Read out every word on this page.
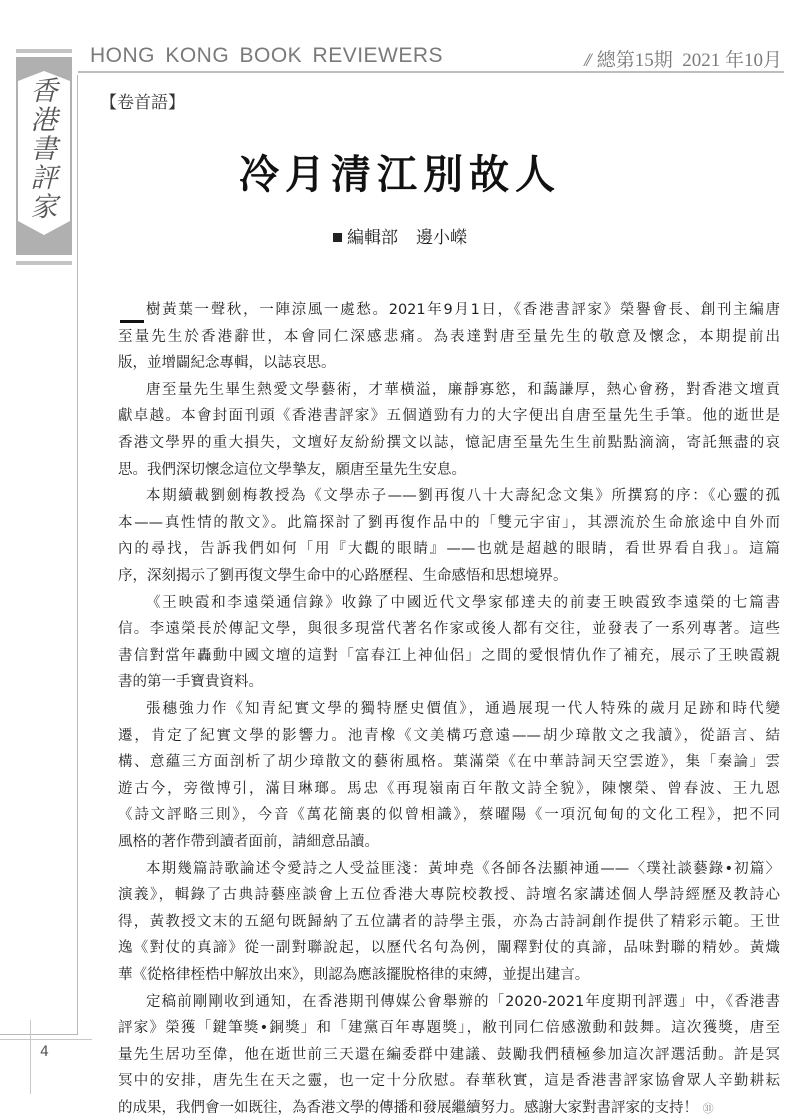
HONG KONG BOOK REVIEWERS	// 總第15期 2021 年10月
香
港
書
評
家
【卷首語】
冷月清江別故人
編輯部 邊小嶸
樹黃葉一聲秋，一陣涼風一處愁。2021年9月1日，《香港書評家》榮譽會長、創刊主編唐
至量先生於香港辭世，本會同仁深感悲痛。為表達對唐至量先生的敬意及懷念，本期提前出
版，並增闢紀念專輯，以誌哀思。
唐至量先生畢生熱愛文學藝術，才華橫溢，廉靜寡慾，和藹謙厚，熱心會務，對香港文壇貢
獻卓越。本會封面刊頭《香港書評家》五個遒勁有力的大字便出自唐至量先生手筆。他的逝世是
香港文學界的重大損失，文壇好友紛紛撰文以誌，憶記唐至量先生生前點點滴滴，寄託無盡的哀
思。我們深切懷念這位文學摯友，願唐至量先生安息。
本期續載劉劍梅教授為《文學赤子——劉再復八十大壽紀念文集》所撰寫的序：《心靈的孤
本——真性情的散文》。此篇探討了劉再復作品中的「雙元宇宙」，其漂流於生命旅途中自外而
內的尋找，告訴我們如何「用『大觀的眼睛』——也就是超越的眼睛，看世界看自我」。這篇
序，深刻揭示了劉再復文學生命中的心路歷程、生命感悟和思想境界。
《王映霞和李遠榮通信錄》收錄了中國近代文學家郁達夫的前妻王映霞致李遠榮的七篇書
信。李遠榮長於傳記文學，與很多現當代著名作家或後人都有交往，並發表了一系列專著。這些
書信對當年轟動中國文壇的這對「富春江上神仙侶」之間的愛恨情仇作了補充，展示了王映霞親
書的第一手寶貴資料。
張穗強力作《知青紀實文學的獨特歷史價值》，通過展現一代人特殊的歲月足跡和時代變
遷，肯定了紀實文學的影響力。池青橡《文美構巧意遠——胡少璋散文之我讀》，從語言、結
構、意蘊三方面剖析了胡少璋散文的藝術風格。葉滿榮《在中華詩詞天空雲遊》，集「秦論」雲
遊古今，旁徵博引，滿目琳瑯。馬忠《再現嶺南百年散文詩全貌》，陳懷榮、曾春波、王九恩
《詩文評略三則》，今音《萬花簡裏的似曾相識》，蔡曜陽《一項沉甸甸的文化工程》，把不同
風格的著作帶到讀者面前，請細意品讀。
本期幾篇詩歌論述令愛詩之人受益匪淺：黃坤堯《各師各法顯神通——〈璞社談藝錄•初篇〉
演義》，輯錄了古典詩藝座談會上五位香港大專院校教授、詩壇名家講述個人學詩經歷及教詩心
得，黃教授文末的五絕句既歸納了五位講者的詩學主張，亦為古詩詞創作提供了精彩示範。王世
逸《對仗的真諦》從一副對聯說起，以歷代名句為例，闡釋對仗的真諦，品味對聯的精妙。黃熾
華《從格律桎梏中解放出來》，則認為應該擺脫格律的束縛，並提出建言。
定稿前剛剛收到通知，在香港期刊傳媒公會舉辦的「2020-2021年度期刊評選」中，《香港書
評家》榮獲「鍵筆獎•銅獎」和「建黨百年專題獎」，敝刊同仁倍感激動和鼓舞。這次獲獎，唐至
量先生居功至偉，他在逝世前三天還在編委群中建議、鼓勵我們積極參加這次評選活動。許是冥
冥中的安排，唐先生在天之靈，也一定十分欣慰。春華秋實，這是香港書評家協會眾人辛勤耕耘
的成果，我們會一如既往，為香港文學的傳播和發展繼續努力。感謝大家對書評家的支持！ ㉛
4
